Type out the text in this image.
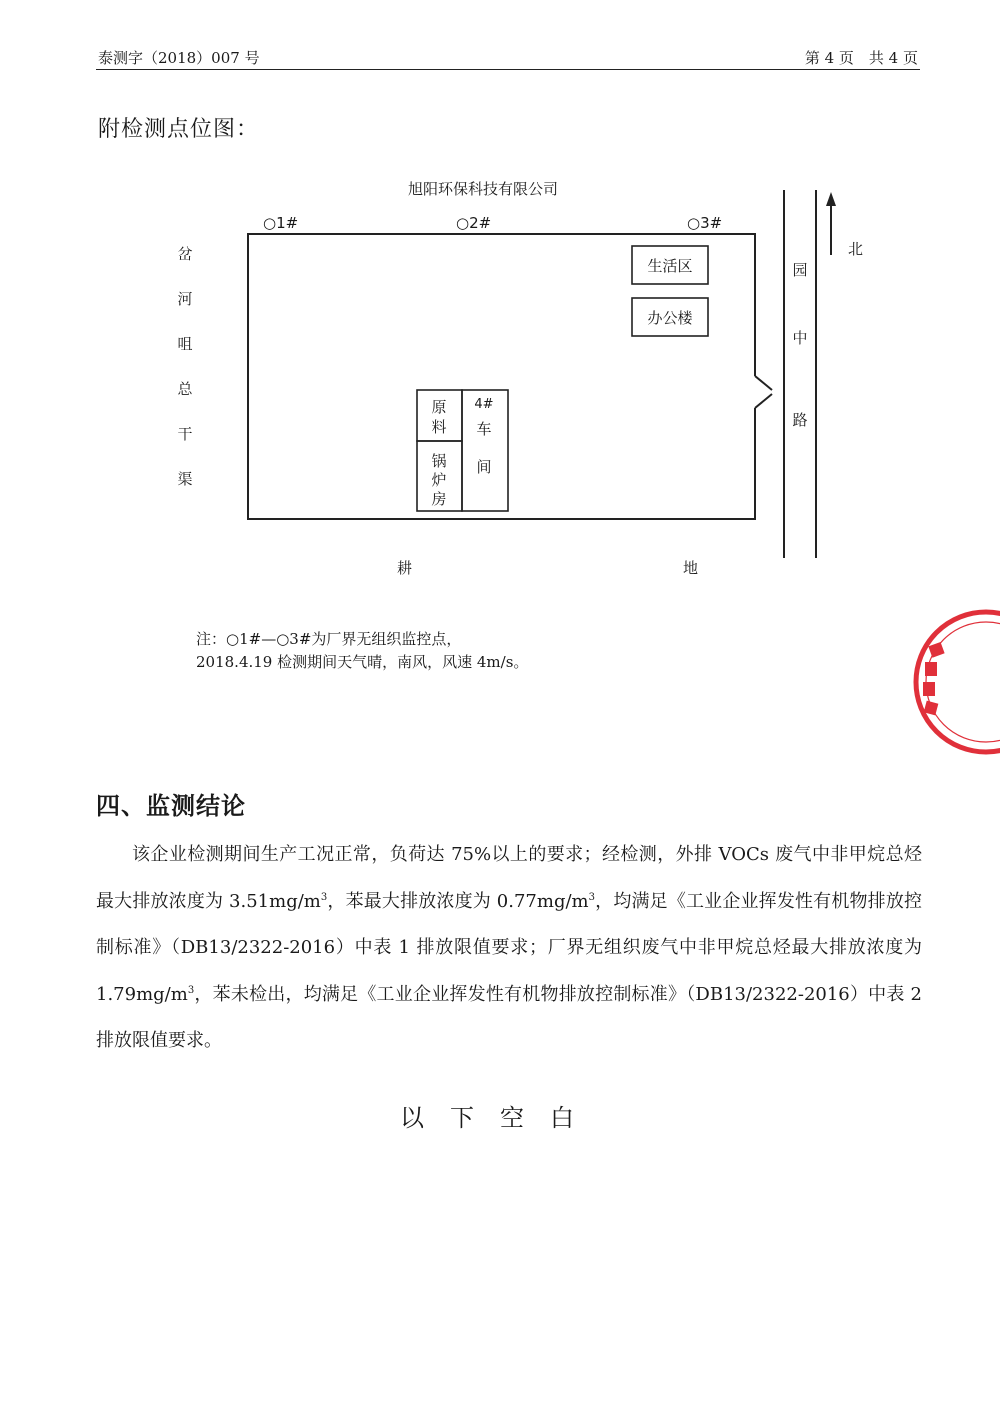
泰测字（2018）007 号	第 4 页　共 4 页
附检测点位图：
旭阳环保科技有限公司
○1#	○2#	○3#
北
岔
河
咀
总
干
渠
生活区
办公楼
原
料
锅
炉
房
4#
车
间
园
中
路
耕	地
注：○1#—○3#为厂界无组织监控点，
2018.4.19 检测期间天气晴，南风，风速 4m/s。
四、监测结论

该企业检测期间生产工况正常，负荷达 75%以上的要求；经检测，外排 VOCs 废气中非甲烷总烃最大排放浓度为 $3.51mg/m^3$，苯最大排放浓度为 $0.77mg/m^3$，均满足《工业企业挥发性有机物排放控制标准》（DB13/2322-2016）中表 1 排放限值要求；厂界无组织废气中非甲烷总烃最大排放浓度为 $1.79mg/m^3$，苯未检出，均满足《工业企业挥发性有机物排放控制标准》（DB13/2322-2016）中表 2 排放限值要求。

以下空白
